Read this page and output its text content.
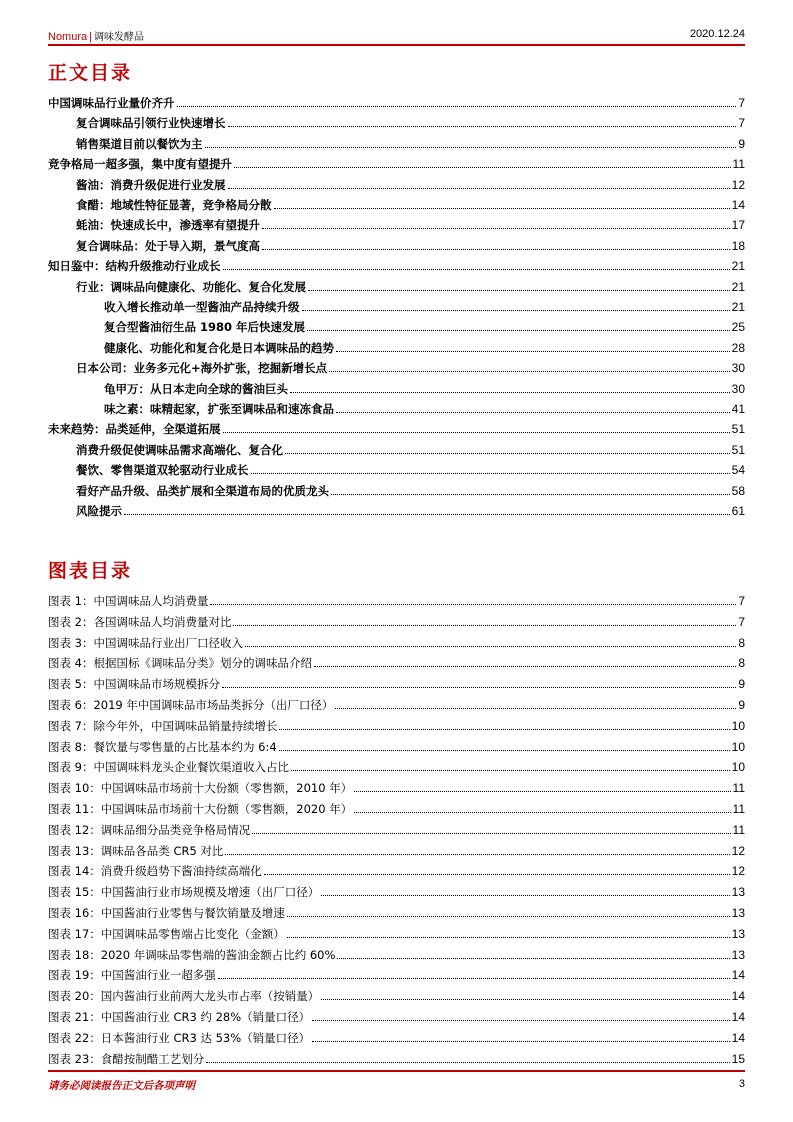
Nomura | 调味发酵品	2020.12.24
正文目录
中国调味品行业量价齐升	7
复合调味品引领行业快速增长	7
销售渠道目前以餐饮为主	9
竞争格局一超多强，集中度有望提升	11
酱油：消费升级促进行业发展	12
食醋：地域性特征显著，竞争格局分散	14
蚝油：快速成长中，渗透率有望提升	17
复合调味品：处于导入期，景气度高	18
知日鉴中：结构升级推动行业成长	21
行业：调味品向健康化、功能化、复合化发展	21
收入增长推动单一型酱油产品持续升级	21
复合型酱油衍生品 1980 年后快速发展	25
健康化、功能化和复合化是日本调味品的趋势	28
日本公司：业务多元化+海外扩张，挖掘新增长点	30
龟甲万：从日本走向全球的酱油巨头	30
味之素：味精起家，扩张至调味品和速冻食品	41
未来趋势：品类延伸，全渠道拓展	51
消费升级促使调味品需求高端化、复合化	51
餐饮、零售渠道双轮驱动行业成长	54
看好产品升级、品类扩展和全渠道布局的优质龙头	58
风险提示	61
图表目录
图表 1：中国调味品人均消费量	7
图表 2：各国调味品人均消费量对比	7
图表 3：中国调味品行业出厂口径收入	8
图表 4：根据国标《调味品分类》划分的调味品介绍	8
图表 5：中国调味品市场规模拆分	9
图表 6：2019 年中国调味品市场品类拆分（出厂口径）	9
图表 7：除今年外，中国调味品销量持续增长	10
图表 8：餐饮量与零售量的占比基本约为 6:4	10
图表 9：中国调味料龙头企业餐饮渠道收入占比	10
图表 10：中国调味品市场前十大份额（零售额，2010 年）	11
图表 11：中国调味品市场前十大份额（零售额，2020 年）	11
图表 12：调味品细分品类竞争格局情况	11
图表 13：调味品各品类 CR5 对比	12
图表 14：消费升级趋势下酱油持续高端化	12
图表 15：中国酱油行业市场规模及增速（出厂口径）	13
图表 16：中国酱油行业零售与餐饮销量及增速	13
图表 17：中国调味品零售端占比变化（金额）	13
图表 18：2020 年调味品零售端的酱油金额占比约 60%	13
图表 19：中国酱油行业一超多强	14
图表 20：国内酱油行业前两大龙头市占率（按销量）	14
图表 21：中国酱油行业 CR3 约 28%（销量口径）	14
图表 22：日本酱油行业 CR3 达 53%（销量口径）	14
图表 23：食醋按制醋工艺划分	15
请务必阅读报告正文后各项声明	3
